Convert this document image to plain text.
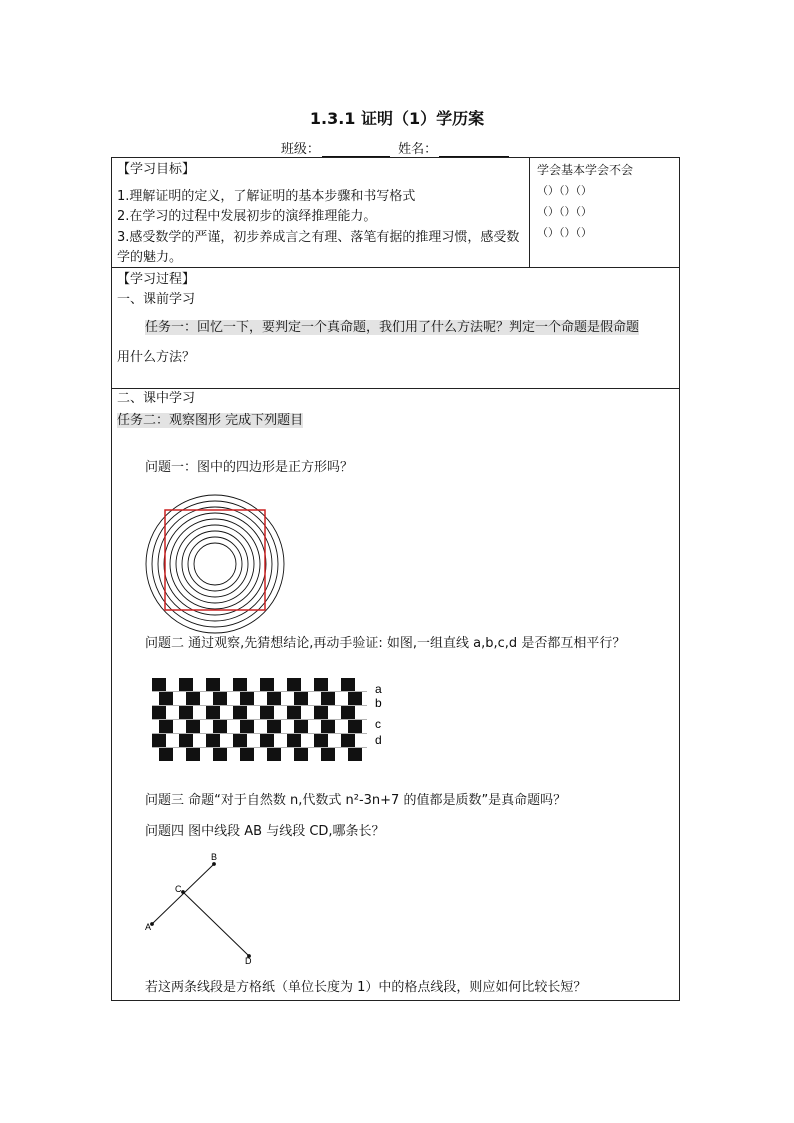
1.3.1 证明（1）学历案
班级：	姓名：
【学习目标】
1.理解证明的定义，了解证明的基本步骤和书写格式
2.在学习的过程中发展初步的演绎推理能力。
3.感受数学的严谨，初步养成言之有理、落笔有据的推理习惯，感受数学的魅力。
学会基本学会不会
（）（）（）
（）（）（）
（）（）（）
【学习过程】
一、课前学习
任务一：回忆一下，要判定一个真命题，我们用了什么方法呢？判定一个命题是假命题
用什么方法？
二、课中学习
任务二：观察图形 完成下列题目
问题一：图中的四边形是正方形吗？
问题二 通过观察,先猜想结论,再动手验证: 如图,一组直线 a,b,c,d 是否都互相平行？
a
b
c
d
问题三 命题“对于自然数 n,代数式 n²-3n+7 的值都是质数”是真命题吗？
问题四 图中线段 AB 与线段 CD,哪条长？
A
B
C
D
若这两条线段是方格纸（单位长度为 1）中的格点线段，则应如何比较长短？
